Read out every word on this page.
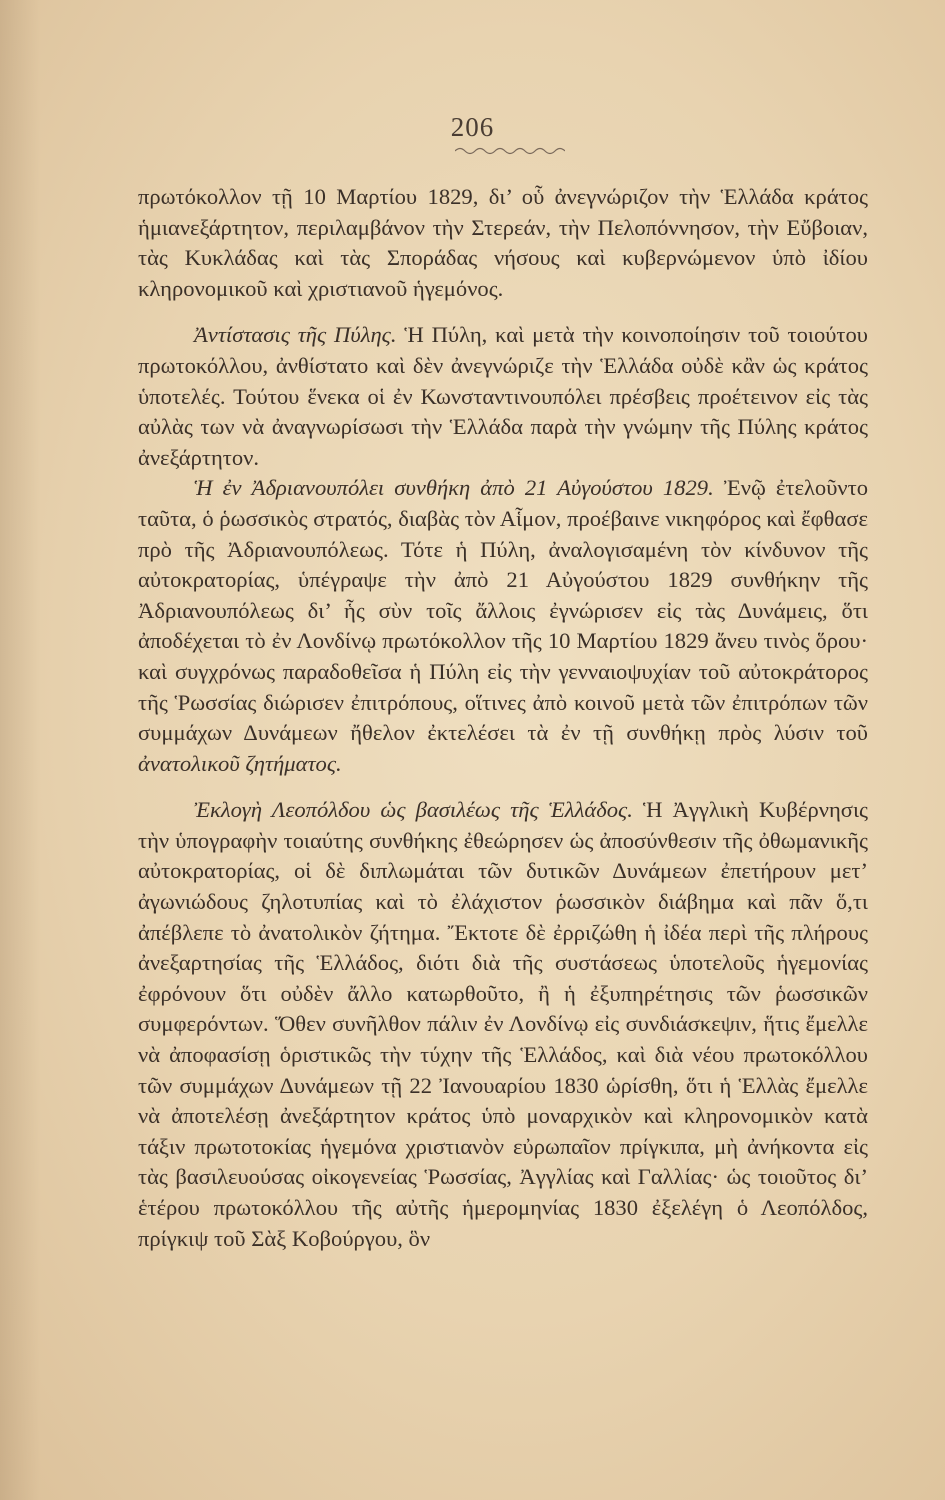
206

πρωτόκολλον τῇ 10 Μαρτίου 1829, δι’ οὗ ἀνεγνώριζον τὴν Ἑλλάδα κράτος ἡμιανεξάρτητον, περιλαμβάνον τὴν Στερεάν, τὴν Πελοπόννησον, τὴν Εὔβοιαν, τὰς Κυκλάδας καὶ τὰς Σποράδας νήσους καὶ κυβερνώμενον ὑπὸ ἰδίου κληρονομικοῦ καὶ χριστιανοῦ ἡγεμόνος.

Ἀντίστασις τῆς Πύλης. Ἡ Πύλη, καὶ μετὰ τὴν κοινοποίησιν τοῦ τοιούτου πρωτοκόλλου, ἀνθίστατο καὶ δὲν ἀνεγνώριζε τὴν Ἑλλάδα οὐδὲ κἂν ὡς κράτος ὑποτελές. Τούτου ἕνεκα οἱ ἐν Κωνσταντινουπόλει πρέσβεις προέτεινον εἰς τὰς αὐλὰς των νὰ ἀναγνωρίσωσι τὴν Ἑλλάδα παρὰ τὴν γνώμην τῆς Πύλης κράτος ἀνεξάρτητον.

Ἡ ἐν Ἀδριανουπόλει συνθήκη ἀπὸ 21 Αὐγούστου 1829. Ἐνῷ ἐτελοῦντο ταῦτα, ὁ ῥωσσικὸς στρατός, διαβὰς τὸν Αἷμον, προέβαινε νικηφόρος καὶ ἔφθασε πρὸ τῆς Ἀδριανουπόλεως. Τότε ἡ Πύλη, ἀναλογισαμένη τὸν κίνδυνον τῆς αὐτοκρατορίας, ὑπέγραψε τὴν ἀπὸ 21 Αὐγούστου 1829 συνθήκην τῆς Ἀδριανουπόλεως δι’ ἧς σὺν τοῖς ἄλλοις ἐγνώρισεν εἰς τὰς Δυνάμεις, ὅτι ἀποδέχεται τὸ ἐν Λονδίνῳ πρωτόκολλον τῆς 10 Μαρτίου 1829 ἄνευ τινὸς ὅρου· καὶ συγχρόνως παραδοθεῖσα ἡ Πύλη εἰς τὴν γενναιοψυχίαν τοῦ αὐτοκράτορος τῆς Ῥωσσίας διώρισεν ἐπιτρόπους, οἵτινες ἀπὸ κοινοῦ μετὰ τῶν ἐπιτρόπων τῶν συμμάχων Δυνάμεων ἤθελον ἐκτελέσει τὰ ἐν τῇ συνθήκῃ πρὸς λύσιν τοῦ ἀνατολικοῦ ζητήματος.

Ἐκλογὴ Λεοπόλδου ὡς βασιλέως τῆς Ἑλλάδος. Ἡ Ἀγγλικὴ Κυβέρνησις τὴν ὑπογραφὴν τοιαύτης συνθήκης ἐθεώρησεν ὡς ἀποσύνθεσιν τῆς ὀθωμανικῆς αὐτοκρατορίας, οἱ δὲ διπλωμάται τῶν δυτικῶν Δυνάμεων ἐπετήρουν μετ’ ἀγωνιώδους ζηλοτυπίας καὶ τὸ ἐλάχιστον ῥωσσικὸν διάβημα καὶ πᾶν ὅ,τι ἀπέβλεπε τὸ ἀνατολικὸν ζήτημα. Ἔκτοτε δὲ ἐρριζώθη ἡ ἰδέα περὶ τῆς πλήρους ἀνεξαρτησίας τῆς Ἑλλάδος, διότι διὰ τῆς συστάσεως ὑποτελοῦς ἡγεμονίας ἐφρόνουν ὅτι οὐδὲν ἄλλο κατωρθοῦτο, ἢ ἡ ἐξυπηρέτησις τῶν ῥωσσικῶν συμφερόντων. Ὅθεν συνῆλθον πάλιν ἐν Λονδίνῳ εἰς συνδιάσκεψιν, ἥτις ἔμελλε νὰ ἀποφασίσῃ ὁριστικῶς τὴν τύχην τῆς Ἑλλάδος, καὶ διὰ νέου πρωτοκόλλου τῶν συμμάχων Δυνάμεων τῇ 22 Ἰανουαρίου 1830 ὡρίσθη, ὅτι ἡ Ἑλλὰς ἔμελλε νὰ ἀποτελέσῃ ἀνεξάρτητον κράτος ὑπὸ μοναρχικὸν καὶ κληρονομικὸν κατὰ τάξιν πρωτοτοκίας ἡγεμόνα χριστιανὸν εὐρωπαῖον πρίγκιπα, μὴ ἀνήκοντα εἰς τὰς βασιλευούσας οἰκογενείας Ῥωσσίας, Ἀγγλίας καὶ Γαλλίας· ὡς τοιοῦτος δι’ ἑτέρου πρωτοκόλλου τῆς αὐτῆς ἡμερομηνίας 1830 ἐξελέγη ὁ Λεοπόλδος, πρίγκιψ τοῦ Σὰξ Κοβούργου, ὃν
